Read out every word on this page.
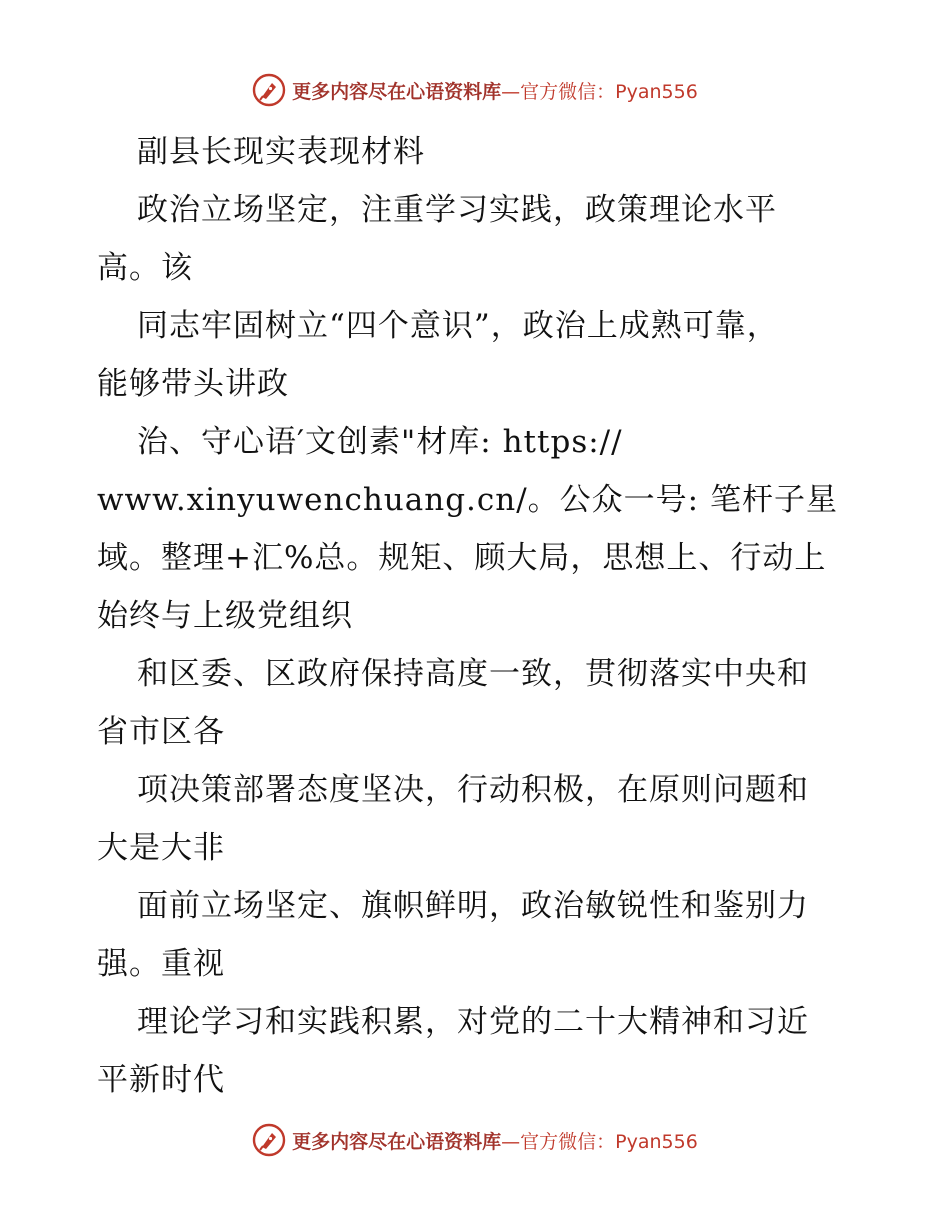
更多内容尽在心语资料库—官方微信：Pyan556
副县长现实表现材料
政治立场坚定，注重学习实践，政策理论水平
高。该
同志牢固树立“四个意识”，政治上成熟可靠，
能够带头讲政
治、守心语′文创素"材库: https://
www.xinyuwenchuang.cn/。公众一号: 笔杆子星
域。整理+汇%总。规矩、顾大局，思想上、行动上
始终与上级党组织
和区委、区政府保持高度一致，贯彻落实中央和
省市区各
项决策部署态度坚决，行动积极，在原则问题和
大是大非
面前立场坚定、旗帜鲜明，政治敏锐性和鉴别力
强。重视
理论学习和实践积累，对党的二十大精神和习近
平新时代
更多内容尽在心语资料库—官方微信：Pyan556
